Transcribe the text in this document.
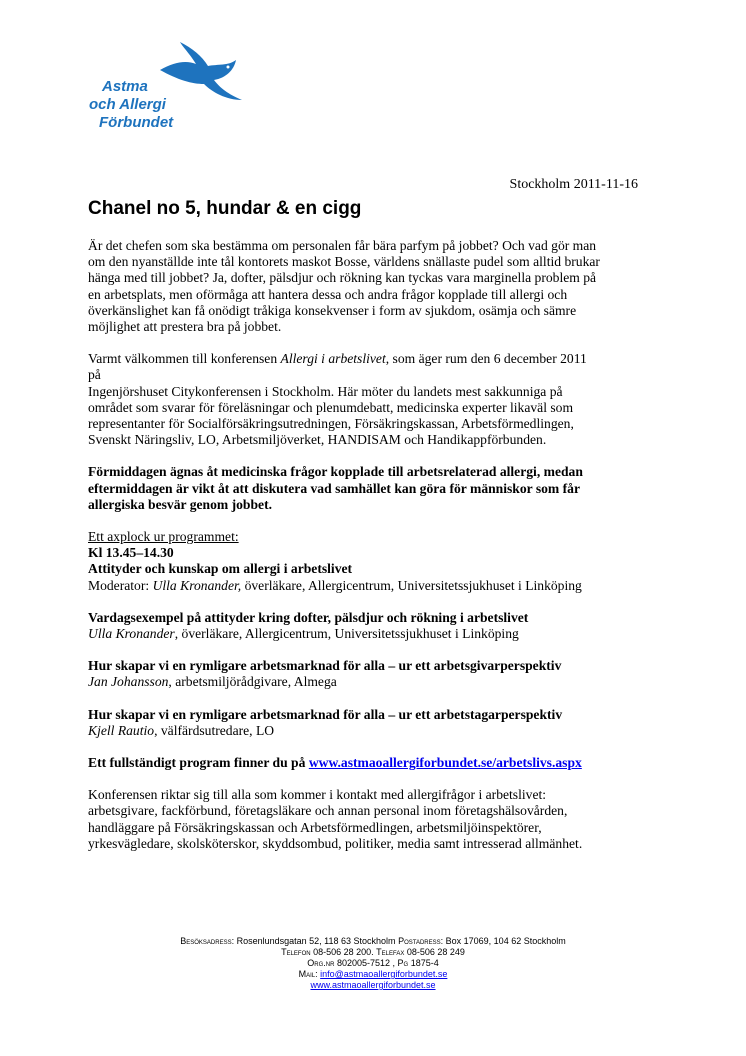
Astma
och Allergi
Förbundet
Stockholm 2011-11-16
Chanel no 5, hundar & en cigg

Är det chefen som ska bestämma om personalen får bära parfym på jobbet? Och vad gör man
om den nyanställde inte tål kontorets maskot Bosse, världens snällaste pudel som alltid brukar
hänga med till jobbet? Ja, dofter, pälsdjur och rökning kan tyckas vara marginella problem på
en arbetsplats, men oförmåga att hantera dessa och andra frågor kopplade till allergi och
överkänslighet kan få onödigt tråkiga konsekvenser i form av sjukdom, osämja och sämre
möjlighet att prestera bra på jobbet.

Varmt välkommen till konferensen Allergi i arbetslivet, som äger rum den 6 december 2011
på
Ingenjörshuset Citykonferensen i Stockholm. Här möter du landets mest sakkunniga på
området som svarar för föreläsningar och plenumdebatt, medicinska experter likaväl som
representanter för Socialförsäkringsutredningen, Försäkringskassan, Arbetsförmedlingen,
Svenskt Näringsliv, LO, Arbetsmiljöverket, HANDISAM och Handikappförbunden.

Förmiddagen ägnas åt medicinska frågor kopplade till arbetsrelaterad allergi, medan
eftermiddagen är vikt åt att diskutera vad samhället kan göra för människor som får
allergiska besvär genom jobbet.

Ett axplock ur programmet:
Kl 13.45–14.30
Attityder och kunskap om allergi i arbetslivet
Moderator: Ulla Kronander, överläkare, Allergicentrum, Universitetssjukhuset i Linköping

Vardagsexempel på attityder kring dofter, pälsdjur och rökning i arbetslivet
Ulla Kronander, överläkare, Allergicentrum, Universitetssjukhuset i Linköping

Hur skapar vi en rymligare arbetsmarknad för alla – ur ett arbetsgivarperspektiv
Jan Johansson, arbetsmiljörådgivare, Almega

Hur skapar vi en rymligare arbetsmarknad för alla – ur ett arbetstagarperspektiv
Kjell Rautio, välfärdsutredare, LO

Ett fullständigt program finner du på www.astmaoallergiforbundet.se/arbetslivs.aspx

Konferensen riktar sig till alla som kommer i kontakt med allergifrågor i arbetslivet:
arbetsgivare, fackförbund, företagsläkare och annan personal inom företagshälsovården,
handläggare på Försäkringskassan och Arbetsförmedlingen, arbetsmiljöinspektörer,
yrkesvägledare, skolsköterskor, skyddsombud, politiker, media samt intresserad allmänhet.

Besöksadress: Rosenlundsgatan 52, 118 63 Stockholm Postadress: Box 17069, 104 62 Stockholm
Telefon 08-506 28 200. Telefax 08-506 28 249
Org.nr 802005-7512 , Pg 1875-4
Mail: info@astmaoallergiforbundet.se
www.astmaoallergiforbundet.se
